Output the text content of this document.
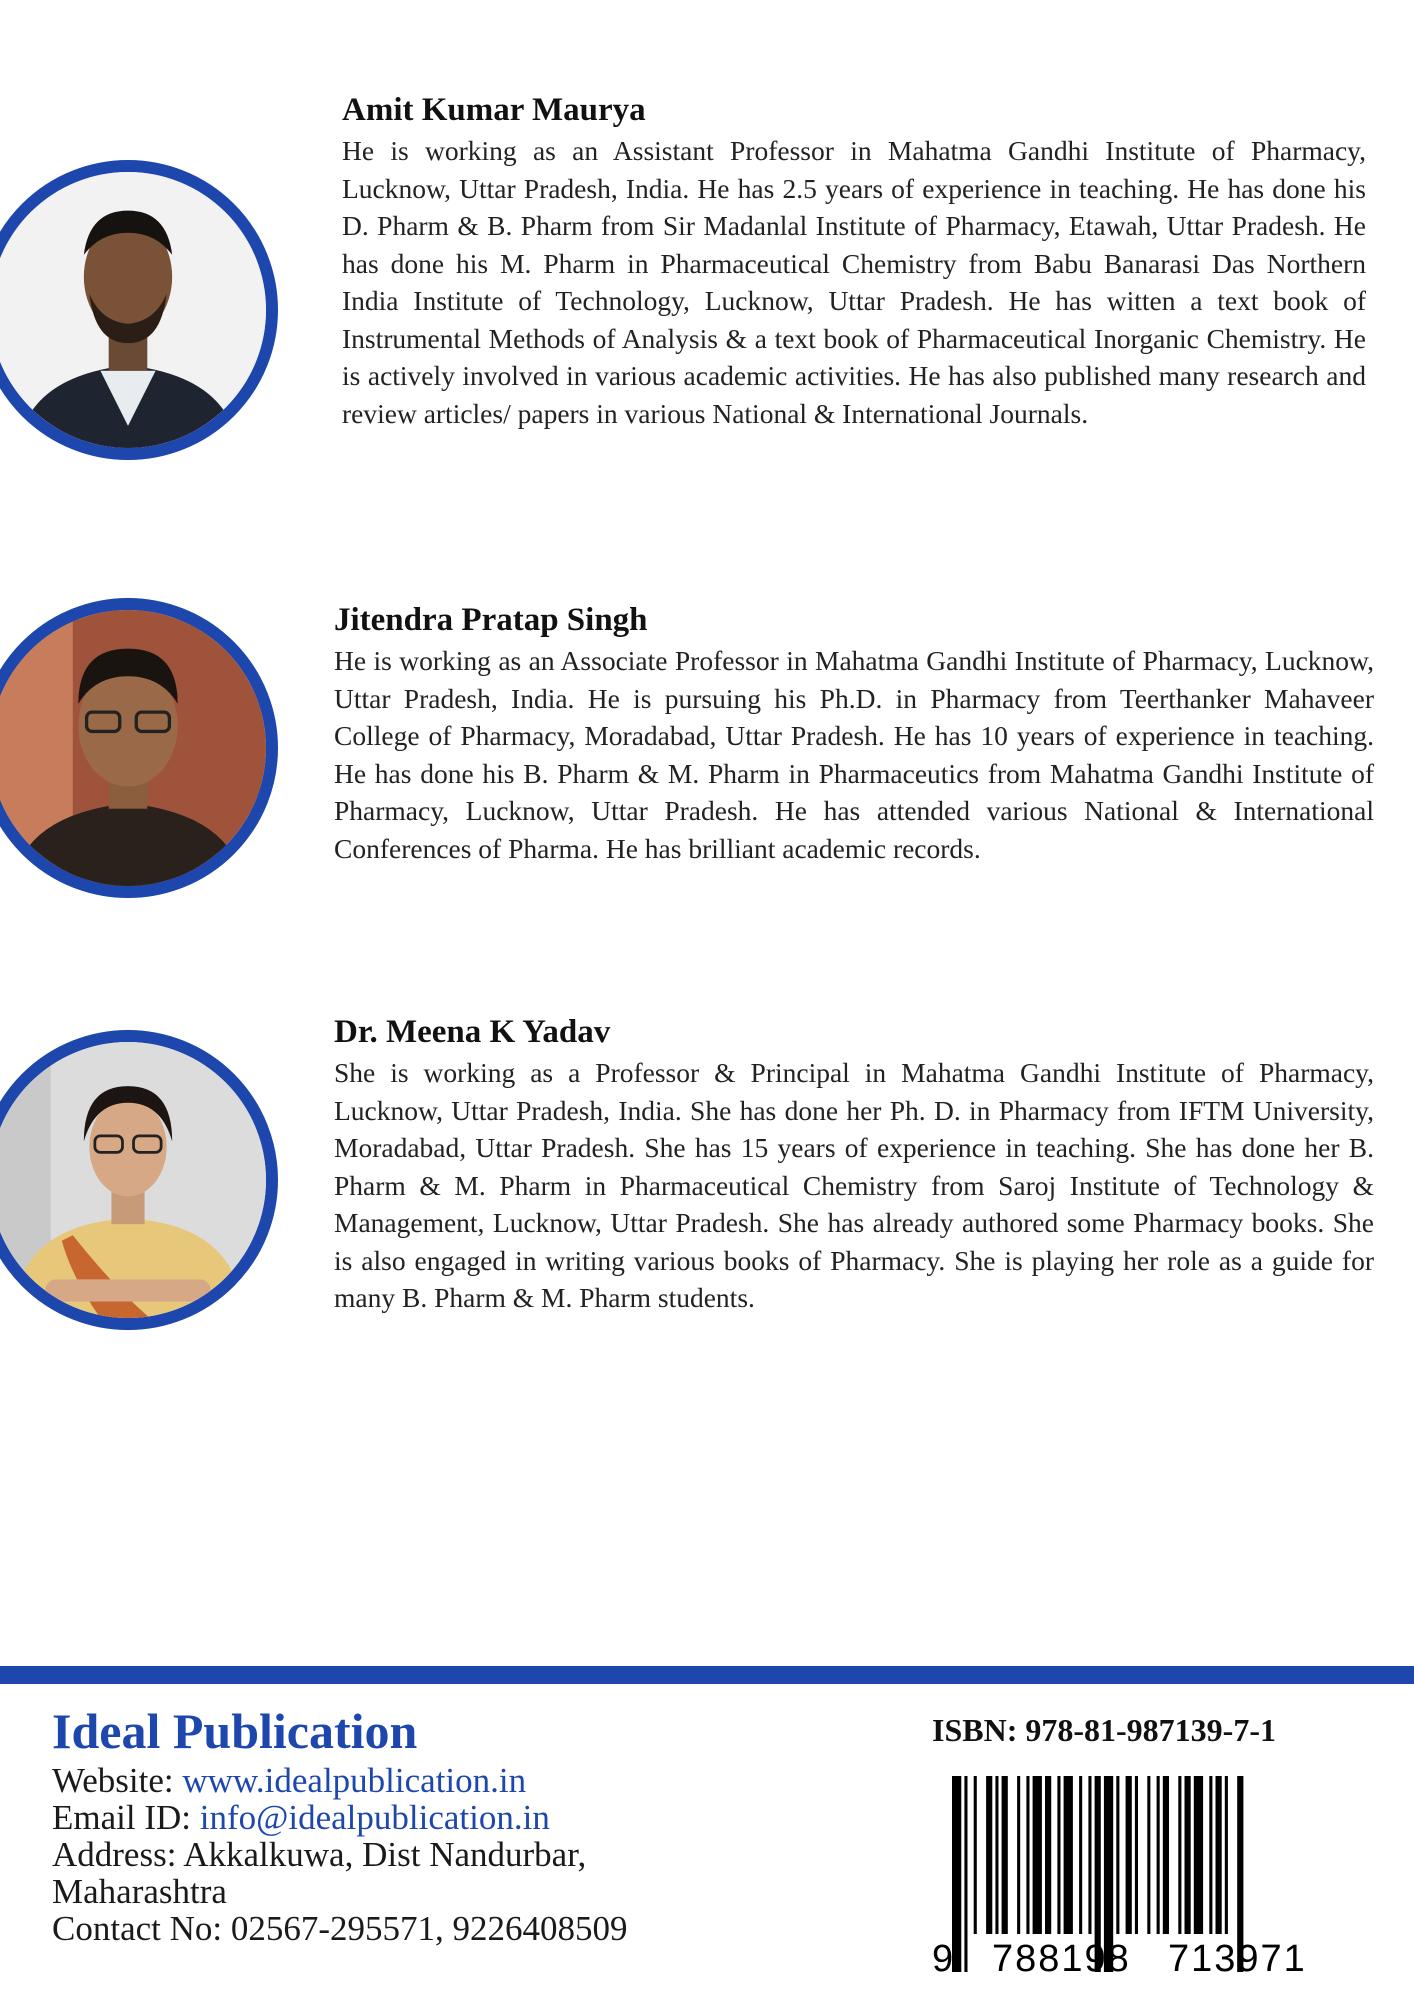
Amit Kumar Maurya

He is working as an Assistant Professor in Mahatma Gandhi Institute of Pharmacy, Lucknow, Uttar Pradesh, India. He has 2.5 years of experience in teaching. He has done his D. Pharm & B. Pharm from Sir Madanlal Institute of Pharmacy, Etawah, Uttar Pradesh. He has done his M. Pharm in Pharmaceutical Chemistry from Babu Banarasi Das Northern India Institute of Technology, Lucknow, Uttar Pradesh. He has witten a text book of Instrumental Methods of Analysis & a text book of Pharmaceutical Inorganic Chemistry. He is actively involved in various academic activities. He has also published many research and review articles/ papers in various National & International Journals.

Jitendra Pratap Singh

He is working as an Associate Professor in Mahatma Gandhi Institute of Pharmacy, Lucknow, Uttar Pradesh, India. He is pursuing his Ph.D. in Pharmacy from Teerthanker Mahaveer College of Pharmacy, Moradabad, Uttar Pradesh. He has 10 years of experience in teaching. He has done his B. Pharm & M. Pharm in Pharmaceutics from Mahatma Gandhi Institute of Pharmacy, Lucknow, Uttar Pradesh. He has attended various National & International Conferences of Pharma. He has brilliant academic records.

Dr. Meena K Yadav

She is working as a Professor & Principal in Mahatma Gandhi Institute of Pharmacy, Lucknow, Uttar Pradesh, India. She has done her Ph. D. in Pharmacy from IFTM University, Moradabad, Uttar Pradesh. She has 15 years of experience in teaching. She has done her B. Pharm & M. Pharm in Pharmaceutical Chemistry from Saroj Institute of Technology & Management, Lucknow, Uttar Pradesh. She has already authored some Pharmacy books. She is also engaged in writing various books of Pharmacy. She is playing her role as a guide for many B. Pharm & M. Pharm students.

Ideal Publication
Website: www.idealpublication.in
Email ID: info@idealpublication.in
Address: Akkalkuwa, Dist Nandurbar,
Maharashtra
Contact No: 02567-295571, 9226408509
ISBN: 978-81-987139-7-1
9 788198 713971
